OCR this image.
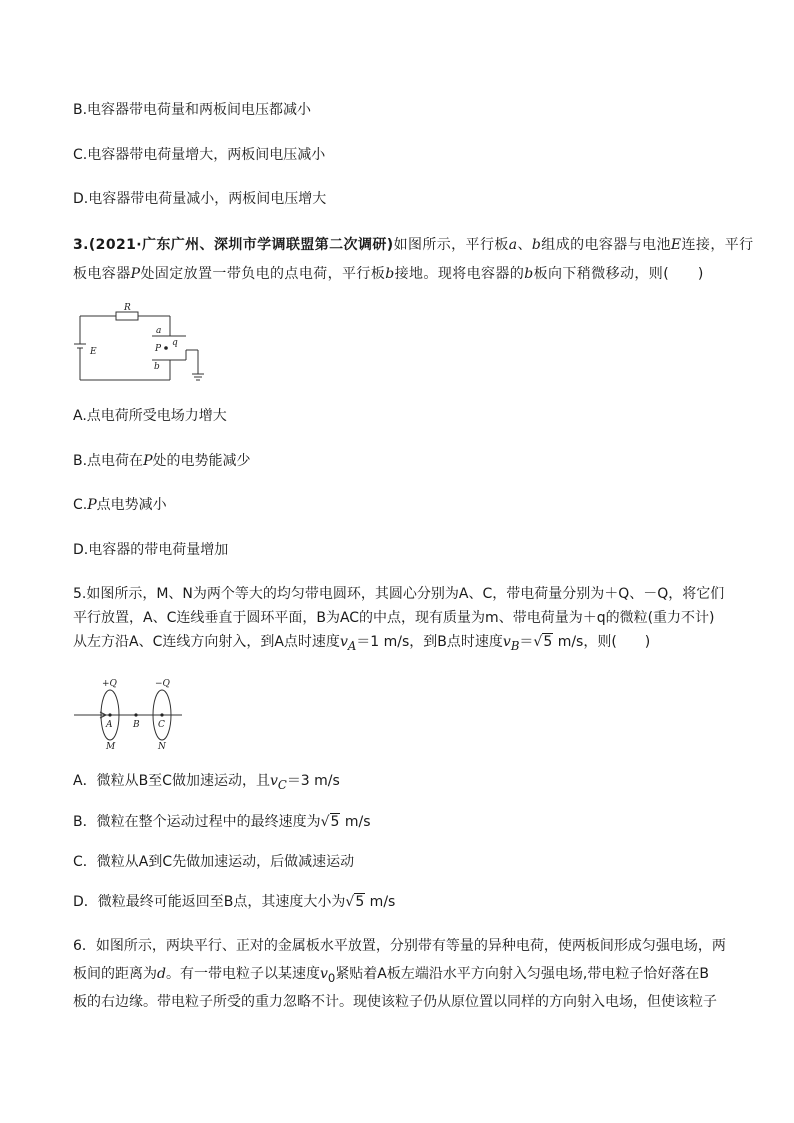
B.电容器带电荷量和两板间电压都减小
C.电容器带电荷量增大，两板间电压减小
D.电容器带电荷量减小，两板间电压增大
3.(2021·广东广州、深圳市学调联盟第二次调研)如图所示，平行板a、b组成的电容器与电池E连接，平行
板电容器P处固定放置一带负电的点电荷，平行板b接地。现将电容器的b板向下稍微移动，则(　　)
R
E
a
P
q
b
A.点电荷所受电场力增大
B.点电荷在P处的电势能减少
C.P点电势减小
D.电容器的带电荷量增加
5.如图所示，M、N为两个等大的均匀带电圆环，其圆心分别为A、C，带电荷量分别为＋Q、－Q，将它们
平行放置，A、C连线垂直于圆环平面，B为AC的中点，现有质量为m、带电荷量为＋q的微粒(重力不计)
从左方沿A、C连线方向射入，到A点时速度$v_A=1$ m/s，到B点时速度$v_B=√5$ m/s，则(　　)
+Q	−Q
A B C
M	N
A．微粒从B至C做加速运动，且$v_C=3$ m/s
B．微粒在整个运动过程中的最终速度为√5 m/s
C．微粒从A到C先做加速运动，后做减速运动
D．微粒最终可能返回至B点，其速度大小为√5 m/s
6．如图所示，两块平行、正对的金属板水平放置，分别带有等量的异种电荷，使两板间形成匀强电场，两
板间的距离为d。有一带电粒子以某速度$v_0$紧贴着A板左端沿水平方向射入匀强电场,带电粒子恰好落在B
板的右边缘。带电粒子所受的重力忽略不计。现使该粒子仍从原位置以同样的方向射入电场，但使该粒子
